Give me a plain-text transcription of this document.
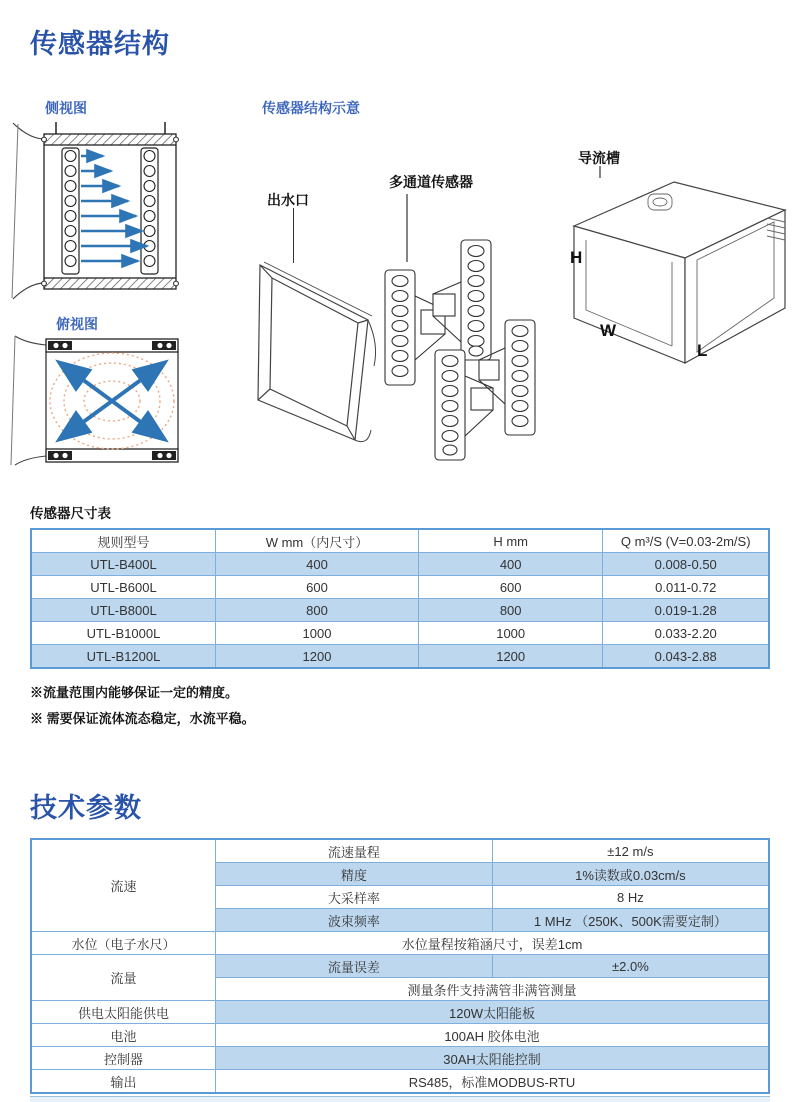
传感器结构
侧视图	传感器结构示意
俯视图
出水口
多通道传感器
导流槽
H
W
L
传感器尺寸表
规则型号	W mm（内尺寸）	H mm	Q m³/S (V=0.03-2m/S)
UTL-B400L	400	400	0.008-0.50
UTL-B600L	600	600	0.011-0.72
UTL-B800L	800	800	0.019-1.28
UTL-B1000L	1000	1000	0.033-2.20
UTL-B1200L	1200	1200	0.043-2.88
※流量范围内能够保证一定的精度。
※ 需要保证流体流态稳定，水流平稳。
技术参数
流速	流速量程	±12 m/s
	精度	1%读数或0.03cm/s
	大采样率	8 Hz
	波束频率	1 MHz （250K、500K需要定制）
水位（电子水尺）	水位量程按箱涵尺寸，误差1cm	
流量	流量误差	±2.0%
	测量条件支持满管非满管测量	
供电太阳能供电	120W太阳能板	
电池	100AH 胶体电池	
控制器	30AH太阳能控制	
输出	RS485，标准MODBUS-RTU	
